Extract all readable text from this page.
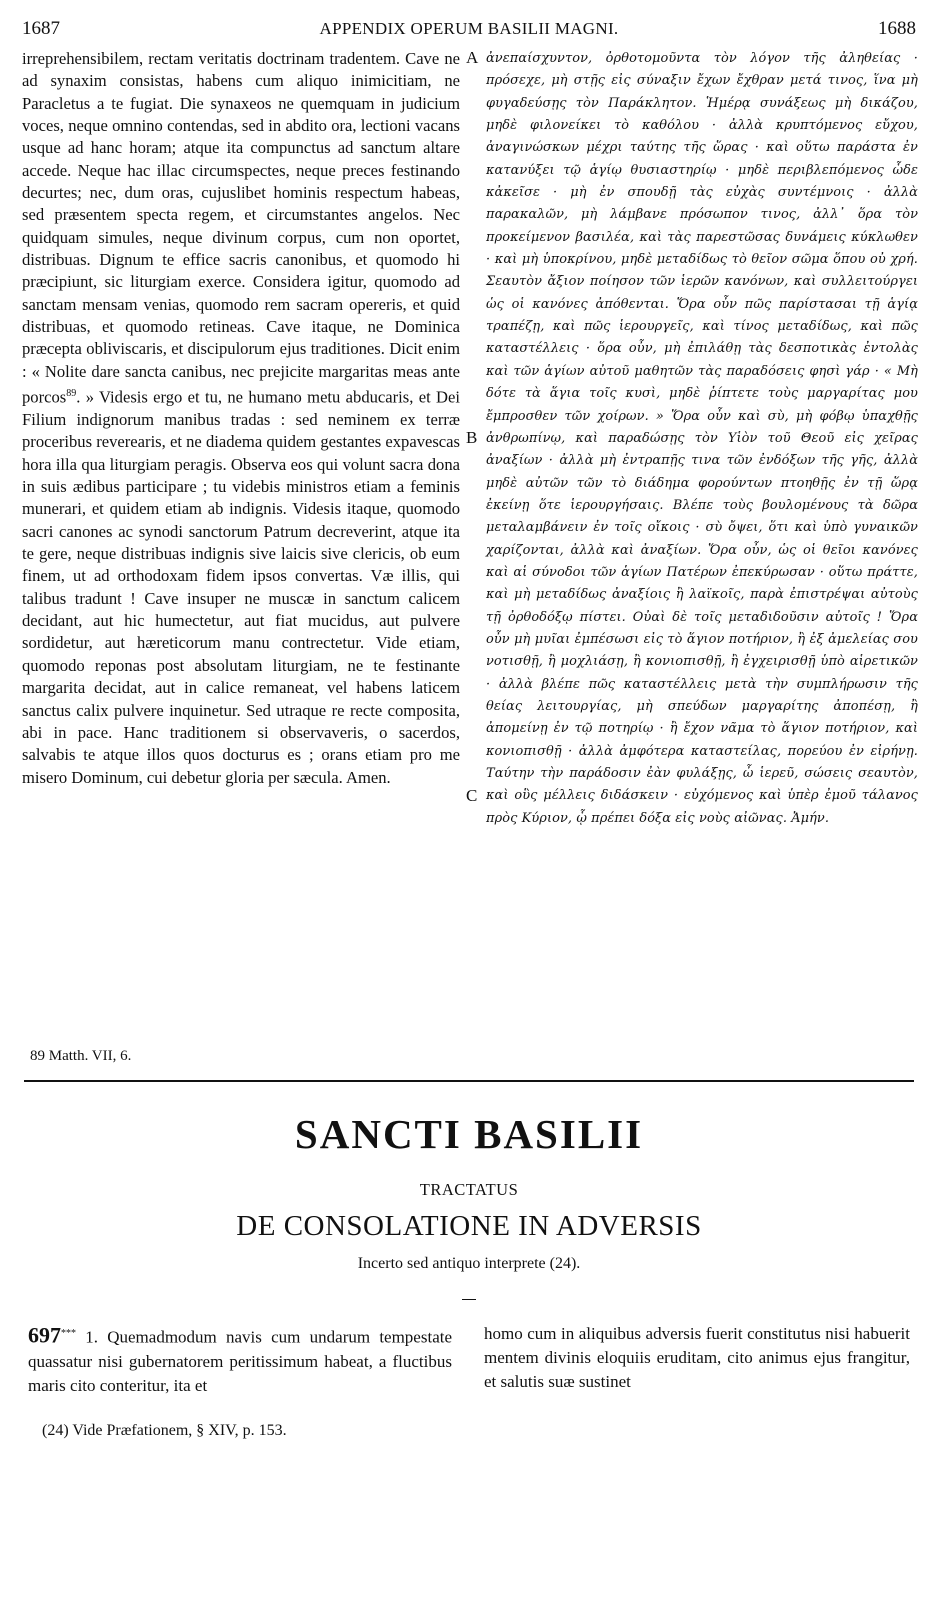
1687	APPENDIX OPERUM BASILII MAGNI.	1688
irreprehensibilem, rectam veritatis doctrinam tradentem. Cave ne ad synaxim consistas, habens cum aliquo inimicitiam, ne Paracletus a te fugiat. Die synaxeos ne quemquam in judicium voces, neque omnino contendas, sed in abdito ora, lectioni vacans usque ad hanc horam; atque ita compunctus ad sanctum altare accede. Neque hac illac circumspectes, neque preces festinando decurtes; nec, dum oras, cujuslibet hominis respectum habeas, sed præsentem specta regem, et circumstantes angelos. Nec quidquam simules, neque divinum corpus, cum non oportet, distribuas. Dignum te effice sacris canonibus, et quomodo hi præcipiunt, sic liturgiam exerce. Considera igitur, quomodo ad sanctam mensam venias, quomodo rem sacram opereris, et quid distribuas, et quomodo retineas. Cave itaque, ne Dominica præcepta obliviscaris, et discipulorum ejus traditiones. Dicit enim : « Nolite dare sancta canibus, nec prejicite margaritas meas ante porcos$^{89}$. » Videsis ergo et tu, ne humano metu abducaris, et Dei Filium indignorum manibus tradas : sed neminem ex terræ proceribus reverearis, et ne diadema quidem gestantes expavescas hora illa qua liturgiam peragis. Observa eos qui volunt sacra dona in suis ædibus participare ; tu videbis ministros etiam a feminis munerari, et quidem etiam ab indignis. Videsis itaque, quomodo sacri canones ac synodi sanctorum Patrum decreverint, atque ita te gere, neque distribuas indignis sive laicis sive clericis, ob eum finem, ut ad orthodoxam fidem ipsos convertas. Væ illis, qui talibus tradunt ! Cave insuper ne muscæ in sanctum calicem decidant, aut hic humectetur, aut fiat mucidus, aut pulvere sordidetur, aut hæreticorum manu contrectetur. Vide etiam, quomodo reponas post absolutam liturgiam, ne te festinante margarita decidat, aut in calice remaneat, vel habens laticem sanctus calix pulvere inquinetur. Sed utraque re recte composita, abi in pace. Hanc traditionem si observaveris, o sacerdos, salvabis te atque illos quos docturus es ; orans etiam pro me misero Dominum, cui debetur gloria per sæcula. Amen.
A
B
C
ἀνεπαίσχυντον, ὀρθοτομοῦντα τὸν λόγον τῆς ἀληθείας · πρόσεχε, μὴ στῇς εἰς σύναξιν ἔχων ἔχθραν μετά τινος, ἵνα μὴ φυγαδεύσῃς τὸν Παράκλητον. Ἡμέρᾳ συνάξεως μὴ δικάζου, μηδὲ φιλονείκει τὸ καθόλου · ἀλλὰ κρυπτόμενος εὔχου, ἀναγινώσκων μέχρι ταύτης τῆς ὥρας · καὶ οὕτω παράστα ἐν κατανύξει τῷ ἁγίῳ θυσιαστηρίῳ · μηδὲ περιβλεπόμενος ὧδε κἀκεῖσε · μὴ ἐν σπουδῇ τὰς εὐχὰς συντέμνοις · ἀλλὰ παρακαλῶν, μὴ λάμβανε πρόσωπον τινος, ἀλλ᾽ ὅρα τὸν προκείμενον βασιλέα, καὶ τὰς παρεστῶσας δυνάμεις κύκλωθεν · καὶ μὴ ὑποκρίνου, μηδὲ μεταδίδως τὸ θεῖον σῶμα ὅπου οὐ χρή. Σεαυτὸν ἄξιον ποίησον τῶν ἱερῶν κανόνων, καὶ συλλειτούργει ὡς οἱ κανόνες ἀπόθενται. Ὅρα οὖν πῶς παρίστασαι τῇ ἁγίᾳ τραπέζῃ, καὶ πῶς ἱερουργεῖς, καὶ τίνος μεταδίδως, καὶ πῶς καταστέλλεις · ὅρα οὖν, μὴ ἐπιλάθῃ τὰς δεσποτικὰς ἐντολὰς καὶ τῶν ἁγίων αὐτοῦ μαθητῶν τὰς παραδόσεις φησὶ γάρ · « Μὴ δότε τὰ ἅγια τοῖς κυσὶ, μηδὲ ῥίπτετε τοὺς μαργαρίτας μου ἔμπροσθεν τῶν χοίρων. » Ὅρα οὖν καὶ σὺ, μὴ φόβῳ ὑπαχθῇς ἀνθρωπίνῳ, καὶ παραδώσῃς τὸν Υἱὸν τοῦ Θεοῦ εἰς χεῖρας ἀναξίων · ἀλλὰ μὴ ἐντραπῇς τινα τῶν ἐνδόξων τῆς γῆς, ἀλλὰ μηδὲ αὐτῶν τῶν τὸ διάδημα φορούντων πτοηθῇς ἐν τῇ ὥρᾳ ἐκείνῃ ὅτε ἱερουργήσαις. Βλέπε τοὺς βουλομένους τὰ δῶρα μεταλαμβάνειν ἐν τοῖς οἴκοις · σὺ ὄψει, ὅτι καὶ ὑπὸ γυναικῶν χαρίζονται, ἀλλὰ καὶ ἀναξίων. Ὅρα οὖν, ὡς οἱ θεῖοι κανόνες καὶ αἱ σύνοδοι τῶν ἁγίων Πατέρων ἐπεκύρωσαν · οὕτω πράττε, καὶ μὴ μεταδίδως ἀναξίοις ἢ λαϊκοῖς, παρὰ ἐπιστρέψαι αὐτοὺς τῇ ὀρθοδόξῳ πίστει. Οὐαὶ δὲ τοῖς μεταδιδοῦσιν αὐτοῖς ! Ὅρα οὖν μὴ μυῖαι ἐμπέσωσι εἰς τὸ ἅγιον ποτήριον, ἢ ἐξ ἀμελείας σου νοτισθῇ, ἢ μοχλιάσῃ, ἢ κονιοπισθῇ, ἢ ἐγχειρισθῇ ὑπὸ αἱρετικῶν · ἀλλὰ βλέπε πῶς καταστέλλεις μετὰ τὴν συμπλήρωσιν τῆς θείας λειτουργίας, μὴ σπεύδων μαργαρίτης ἀποπέσῃ, ἢ ἀπομείνῃ ἐν τῷ ποτηρίῳ · ἢ ἔχον νᾶμα τὸ ἅγιον ποτήριον, καὶ κονιοπισθῇ · ἀλλὰ ἀμφότερα καταστείλας, πορεύου ἐν εἰρήνῃ. Ταύτην τὴν παράδοσιν ἐὰν φυλάξῃς, ὦ ἱερεῦ, σώσεις σεαυτὸν, καὶ οὓς μέλλεις διδάσκειν · εὐχόμενος καὶ ὑπὲρ ἐμοῦ τάλανος πρὸς Κύριον, ᾧ πρέπει δόξα εἰς νοὺς αἰῶνας. Ἀμήν.
89 Matth. VII, 6.
SANCTI BASILII
TRACTATUS
DE CONSOLATIONE IN ADVERSIS
Incerto sed antiquo interprete (24).
697*** 1. Quemadmodum navis cum undarum tempestate quassatur nisi gubernatorem peritissimum habeat, a fluctibus maris cito conteritur, ita et
homo cum in aliquibus adversis fuerit constitutus nisi habuerit mentem divinis eloquiis eruditam, cito animus ejus frangitur, et salutis suæ sustinet
(24) Vide Præfationem, § XIV, p. 153.
